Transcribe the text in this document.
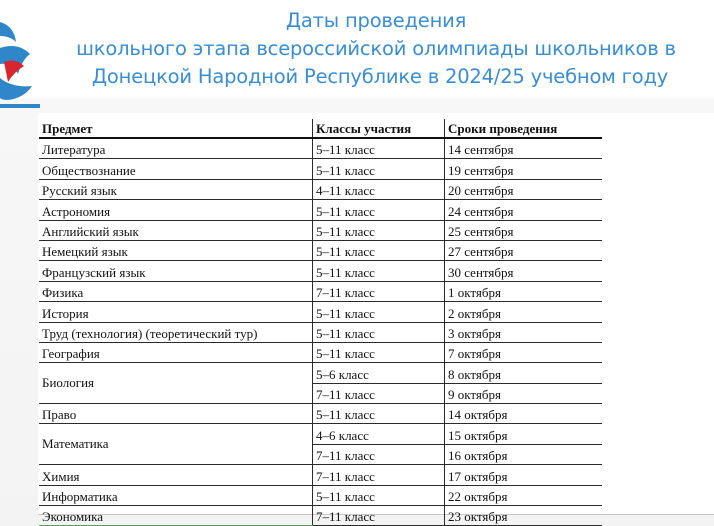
Даты проведения
школьного этапа всероссийской олимпиады школьников в
Донецкой Народной Республике в 2024/25 учебном году
Предмет	Классы участия	Сроки проведения
Литература	5–11 класс	14 сентября
Обществознание	5–11 класс	19 сентября
Русский язык	4–11 класс	20 сентября
Астрономия	5–11 класс	24 сентября
Английский язык	5–11 класс	25 сентября
Немецкий язык	5–11 класс	27 сентября
Французский язык	5–11 класс	30 сентября
Физика	7–11 класс	1 октября
История	5–11 класс	2 октября
Труд (технология) (теоретический тур)	5–11 класс	3 октября
География	5–11 класс	7 октября
Биология	5–6 класс	8 октября
	7–11 класс	9 октября
Право	5–11 класс	14 октября
Математика	4–6 класс	15 октября
	7–11 класс	16 октября
Химия	7–11 класс	17 октября
Информатика	5–11 класс	22 октября
Экономика	7–11 класс	23 октября
